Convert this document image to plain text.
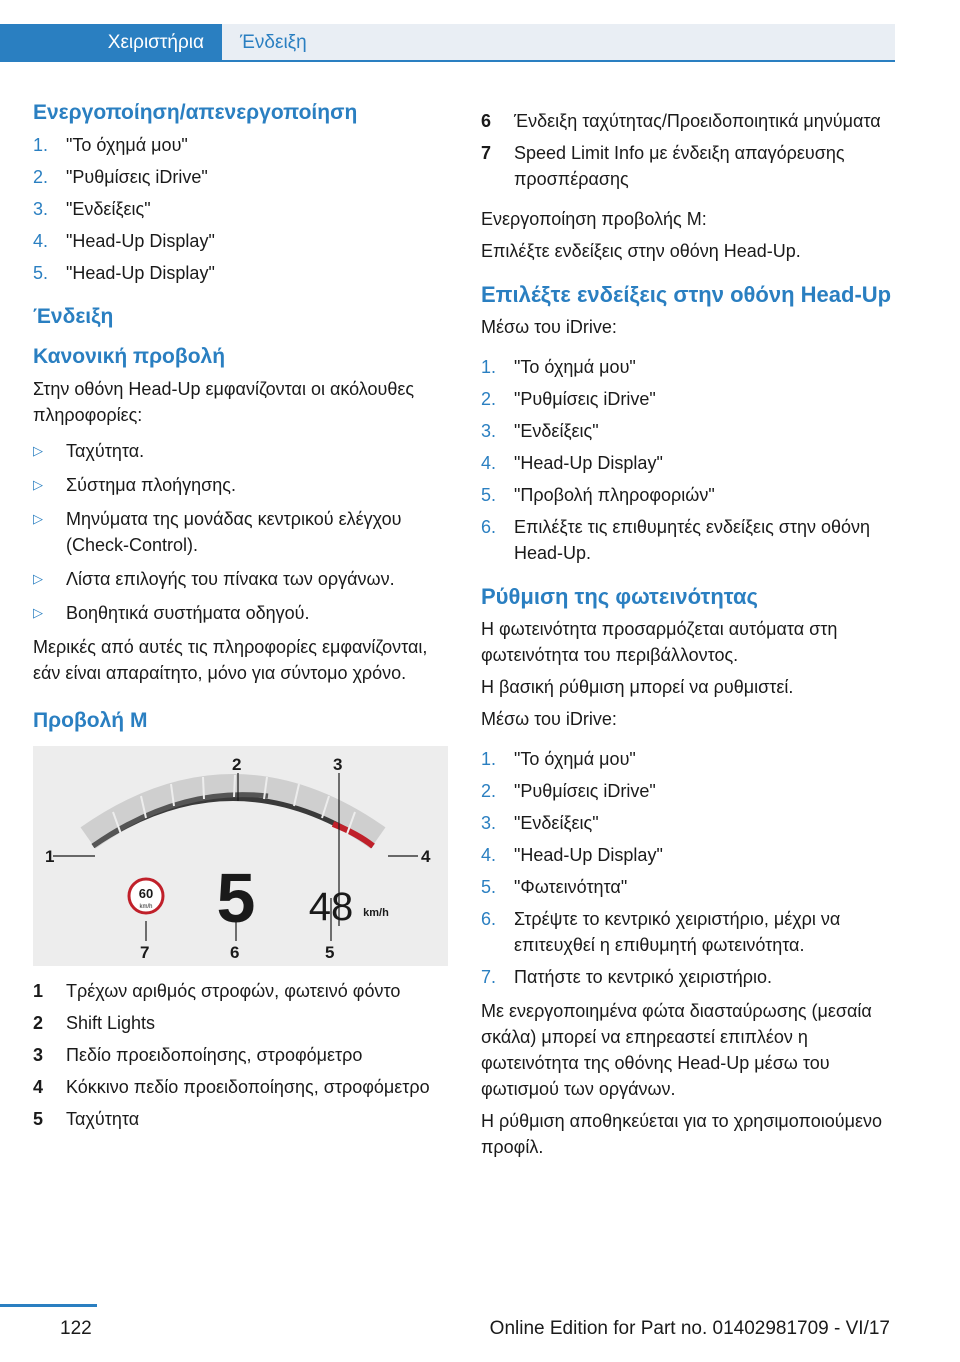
Χειριστήρια	Ένδειξη
Ενεργοποίηση/απενεργοποίηση
1. "Το όχημά μου"
2. "Ρυθμίσεις iDrive"
3. "Ενδείξεις"
4. "Head-Up Display"
5. "Head-Up Display"
Ένδειξη
Κανονική προβολή

Στην οθόνη Head-Up εμφανίζονται οι ακόλουθες πληροφορίες:

▷ Ταχύτητα.
▷ Σύστημα πλοήγησης.
▷ Μηνύματα της μονάδας κεντρικού ελέγχου (Check-Control).
▷ Λίστα επιλογής του πίνακα των οργάνων.
▷ Βοηθητικά συστήματα οδηγού.

Μερικές από αυτές τις πληροφορίες εμφανίζονται, εάν είναι απαραίτητο, μόνο για σύντομο χρόνο.

Προβολή M
60
km/h 5 48 km/h
1
2	3
4
5
6
7
1 Τρέχων αριθμός στροφών, φωτεινό φόντο
2 Shift Lights
3 Πεδίο προειδοποίησης, στροφόμετρο
4 Κόκκινο πεδίο προειδοποίησης, στροφόμετρο
5 Ταχύτητα
6 Ένδειξη ταχύτητας/Προειδοποιητικά μηνύματα
7 Speed Limit Info με ένδειξη απαγόρευσης προσπέρασης

Ενεργοποίηση προβολής M:

Επιλέξτε ενδείξεις στην οθόνη Head-Up.

Επιλέξτε ενδείξεις στην οθόνη Head-Up

Μέσω του iDrive:

1. "Το όχημά μου"
2. "Ρυθμίσεις iDrive"
3. "Ενδείξεις"
4. "Head-Up Display"
5. "Προβολή πληροφοριών"
6. Επιλέξτε τις επιθυμητές ενδείξεις στην οθόνη Head-Up.
Ρύθμιση της φωτεινότητας

Η φωτεινότητα προσαρμόζεται αυτόματα στη φωτεινότητα του περιβάλλοντος.

Η βασική ρύθμιση μπορεί να ρυθμιστεί.

Μέσω του iDrive:

1. "Το όχημά μου"
2. "Ρυθμίσεις iDrive"
3. "Ενδείξεις"
4. "Head-Up Display"
5. "Φωτεινότητα"
6. Στρέψτε το κεντρικό χειριστήριο, μέχρι να επιτευχθεί η επιθυμητή φωτεινότητα.
7. Πατήστε το κεντρικό χειριστήριο.

Με ενεργοποιημένα φώτα διασταύρωσης (μεσαία σκάλα) μπορεί να επηρεαστεί επιπλέον η φωτεινότητα της οθόνης Head-Up μέσω του φωτισμού των οργάνων.

Η ρύθμιση αποθηκεύεται για το χρησιμοποιούμενο προφίλ.

122	Online Edition for Part no. 01402981709 - VI/17
